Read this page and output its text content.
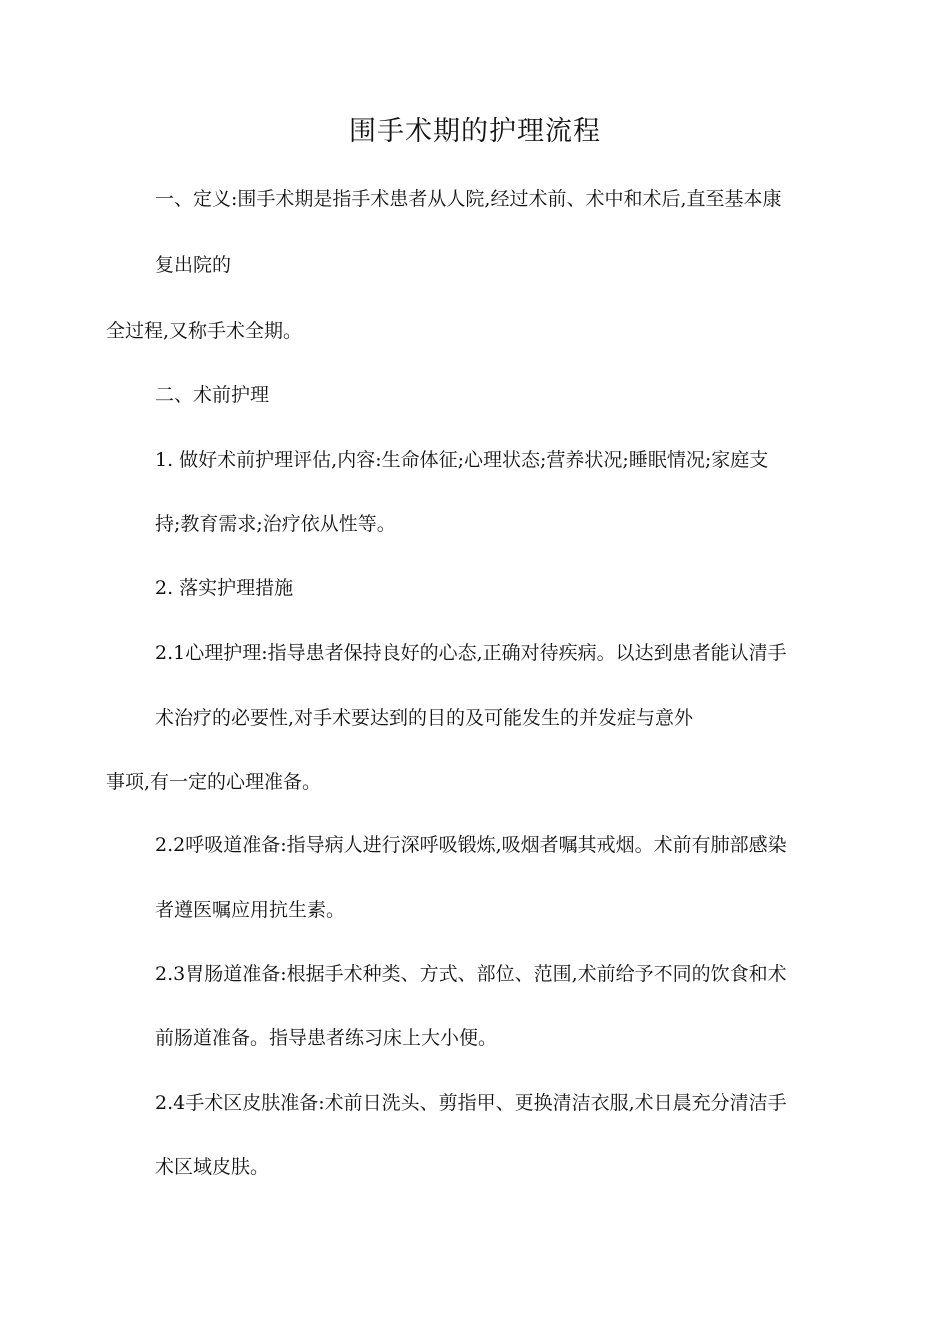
围手术期的护理流程
一、定义:围手术期是指手术患者从人院,经过术前、术中和术后,直至基本康
复出院的
全过程,又称手术全期。
二、术前护理
1. 做好术前护理评估,内容:生命体征;心理状态;营养状况;睡眠情况;家庭支
持;教育需求;治疗依从性等。
2. 落实护理措施
2.1心理护理:指导患者保持良好的心态,正确对待疾病。以达到患者能认清手
术治疗的必要性,对手术要达到的目的及可能发生的并发症与意外
事项,有一定的心理准备。
2.2呼吸道准备:指导病人进行深呼吸锻炼,吸烟者嘱其戒烟。术前有肺部感染
者遵医嘱应用抗生素。
2.3胃肠道准备:根据手术种类、方式、部位、范围,术前给予不同的饮食和术
前肠道准备。指导患者练习床上大小便。
2.4手术区皮肤准备:术前日洗头、剪指甲、更换清洁衣服,术日晨充分清洁手
术区域皮肤。
